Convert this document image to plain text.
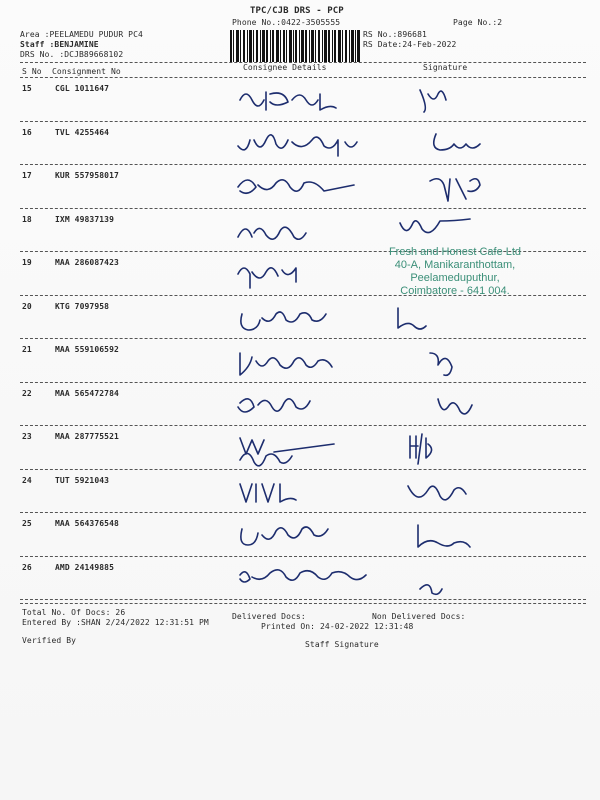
TPC/CJB DRS - PCP
Phone No.:0422-3505555	Page No.:2
Area :PEELAMEDU PUDUR PC4
Staff :BENJAMINE
DRS No. :DCJB89668102
RS No.:896681
RS Date:24-Feb-2022
S No Consignment No	Consignee Details	Signature
15	CGL 1011647
16	TVL 4255464
17	KUR 557958017
18	IXM 49837139
19	MAA 286087423
20	KTG 7097958
21	MAA 559106592
22	MAA 565472784
23	MAA 287775521
24	TUT 5921043
25	MAA 564376548
26	AMD 24149885
Fresh and Honest Cafe Ltd
40-A, Manikaranthottam,
Peelameduputhur,
Coimbatore - 641 004.
Total No. Of Docs: 26	Delivered Docs:	Non Delivered Docs:
Entered By :SHAN 2/24/2022 12:31:51 PM	Printed On: 24-02-2022 12:31:48
Verified By	Staff Signature
